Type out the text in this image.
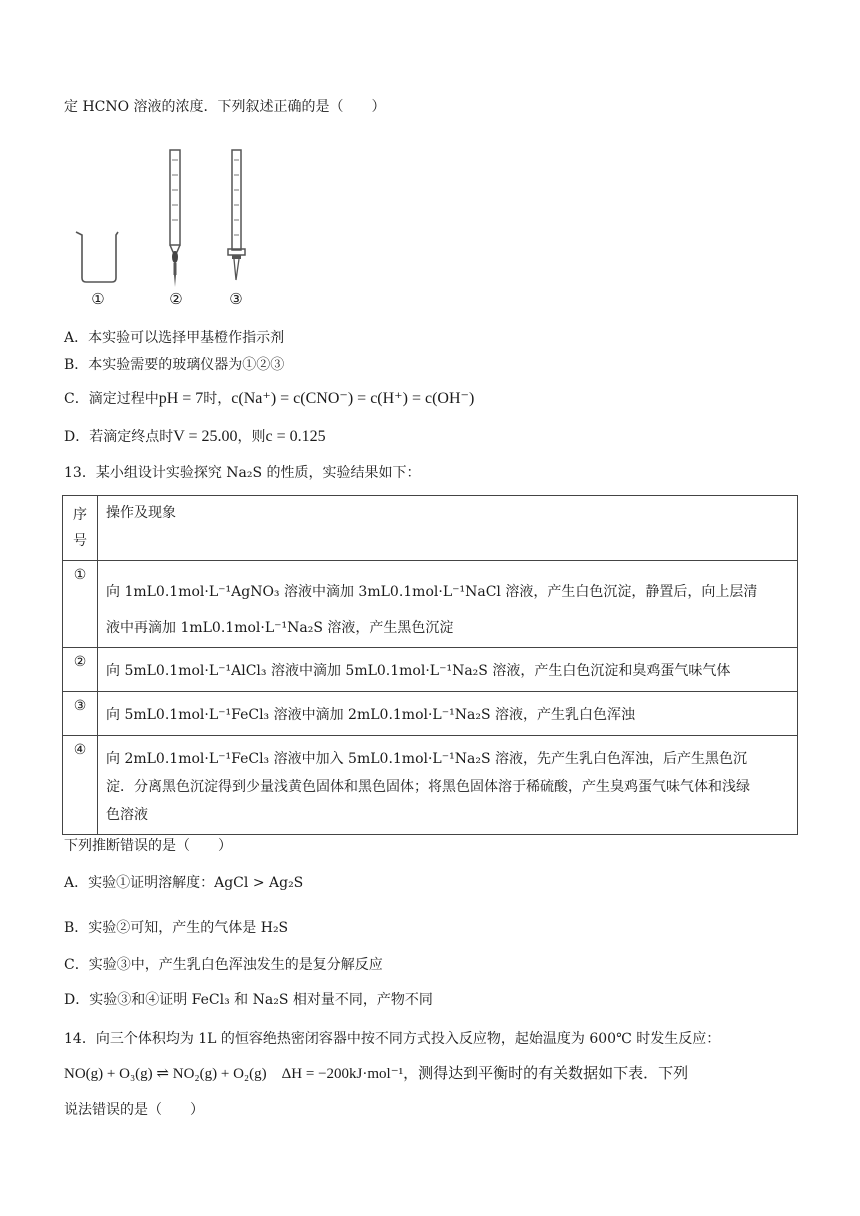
定 HCNO 溶液的浓度．下列叙述正确的是（　　）
①	②	③
A．本实验可以选择甲基橙作指示剂
B．本实验需要的玻璃仪器为①②③
C．滴定过程中pH = 7时，c(Na⁺) = c(CNO⁻) = c(H⁺) = c(OH⁻)
D．若滴定终点时V = 25.00，则c = 0.125
13．某小组设计实验探究 Na₂S 的性质，实验结果如下：
序号	操作及现象
①	向 1mL0.1mol·L⁻¹AgNO₃ 溶液中滴加 3mL0.1mol·L⁻¹NaCl 溶液，产生白色沉淀，静置后，向上层清
液中再滴加 1mL0.1mol·L⁻¹Na₂S 溶液，产生黑色沉淀

②	向 5mL0.1mol·L⁻¹AlCl₃ 溶液中滴加 5mL0.1mol·L⁻¹Na₂S 溶液，产生白色沉淀和臭鸡蛋气味气体

③	向 5mL0.1mol·L⁻¹FeCl₃ 溶液中滴加 2mL0.1mol·L⁻¹Na₂S 溶液，产生乳白色浑浊

④	向 2mL0.1mol·L⁻¹FeCl₃ 溶液中加入 5mL0.1mol·L⁻¹Na₂S 溶液，先产生乳白色浑浊，后产生黑色沉
淀．分离黑色沉淀得到少量浅黄色固体和黑色固体；将黑色固体溶于稀硫酸，产生臭鸡蛋气味气体和浅绿
色溶液
下列推断错误的是（　　）
A．实验①证明溶解度：AgCl > Ag₂S
B．实验②可知，产生的气体是 H₂S
C．实验③中，产生乳白色浑浊发生的是复分解反应
D．实验③和④证明 FeCl₃ 和 Na₂S 相对量不同，产物不同
14．向三个体积均为 1L 的恒容绝热密闭容器中按不同方式投入反应物，起始温度为 600℃ 时发生反应：
NO(g) + O₃(g) ⇌ NO₂(g) + O₂(g)　ΔH = −200kJ·mol⁻¹，测得达到平衡时的有关数据如下表．下列
说法错误的是（　　）
